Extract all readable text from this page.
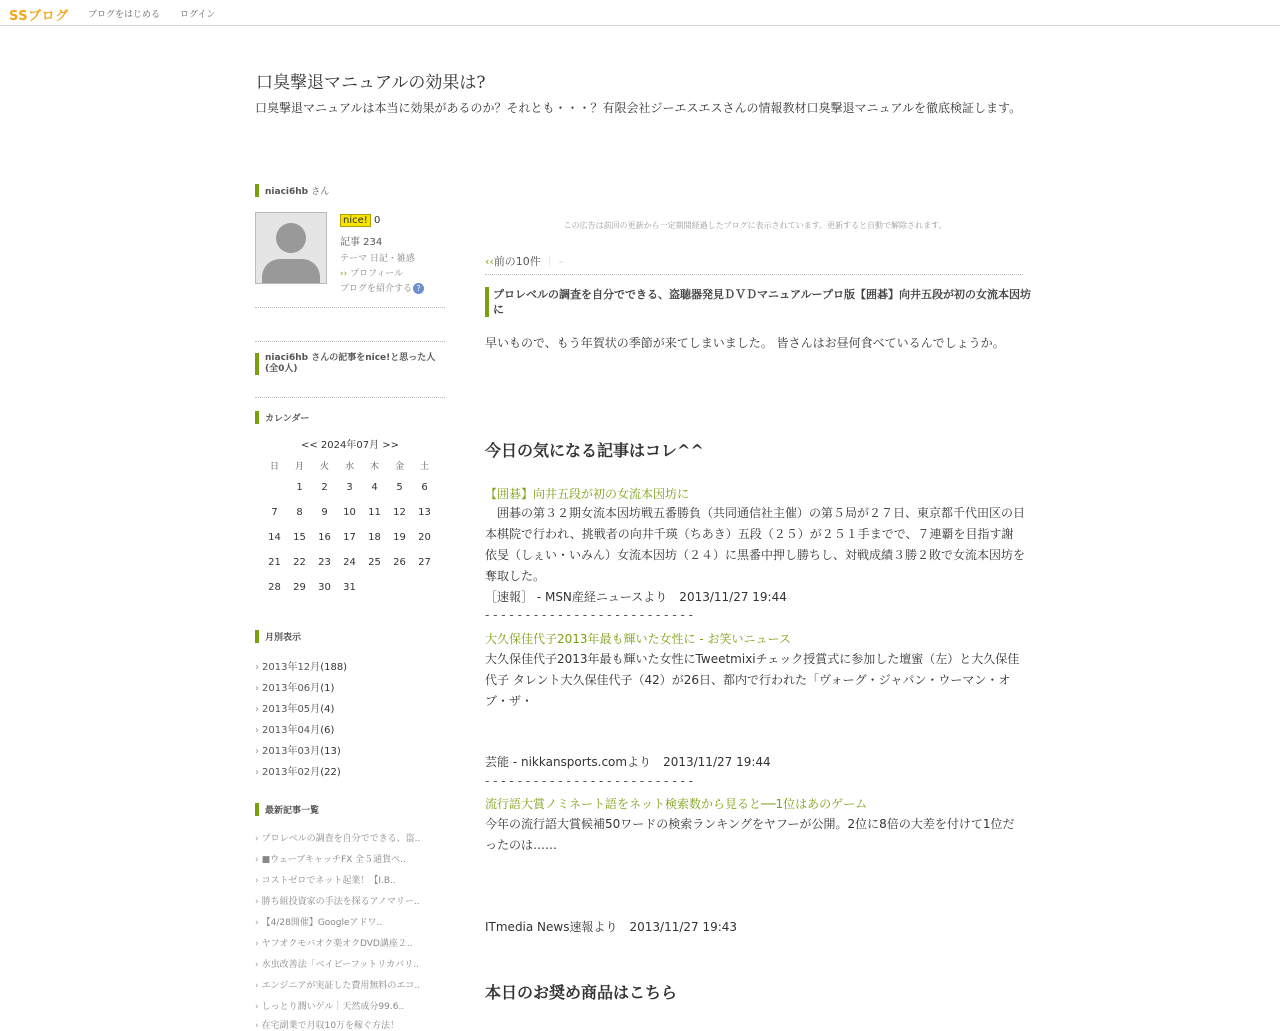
SSブログ ブログをはじめる ログイン
口臭撃退マニュアルの効果は?
口臭撃退マニュアルは本当に効果があるのか？それとも・・・？有限会社ジーエスエスさんの情報教材口臭撃退マニュアルを徹底検証します。
niaci6hb さん
nice! 0
記事 234
テーマ 日記・雑感
›› プロフィール
ブログを紹介する ?
niaci6hb さんの記事をnice!と思った人 (全0人)
カレンダー
<< 2024年07月 >>
日	月	火	水	木	金	土
	1	2	3	4	5	6
7	8	9	10	11	12	13
14	15	16	17	18	19	20
21	22	23	24	25	26	27
28	29	30	31			
月別表示
› 2013年12月(188)
› 2013年06月(1)
› 2013年05月(4)
› 2013年04月(6)
› 2013年03月(13)
› 2013年02月(22)
最新記事一覧
› プロレベルの調査を自分でできる、盗..
› ■ウェーブキャッチFX 全５通貨ペ..
› コストゼロでネット起業！【I.B..
› 勝ち組投資家の手法を探るアノマリー..
› 【4/28開催】Googleアドワ..
› ヤフオクモバオク楽オクDVD講座２..
› 水虫改善法「ベイビーフットリカバリ..
› エンジニアが実証した費用無料のエコ..
› しっとり潤いゲル｜天然成分99.6..
› 在宅副業で月収10万を稼ぐ方法！
この広告は前回の更新から一定期間経過したブログに表示されています。更新すると自動で解除されます。
‹‹前の10件 ｜ -
プロレベルの調査を自分でできる、盗聴器発見ＤＶＤマニュアループロ版【囲碁】向井五段が初の女流本因坊に
早いもので、もう年賀状の季節が来てしまいました。 皆さんはお昼何食べているんでしょうか。
今日の気になる記事はコレ^^
【囲碁】向井五段が初の女流本因坊に
　囲碁の第３２期女流本因坊戦五番勝負（共同通信社主催）の第５局が２７日、東京都千代田区の日本棋院で行われ、挑戦者の向井千瑛（ちあき）五段（２５）が２５１手までで、７連覇を目指す謝依旻（しぇい・いみん）女流本因坊（２４）に黒番中押し勝ちし、対戦成績３勝２敗で女流本因坊を奪取した。
［速報］ - MSN産経ニュースより　2013/11/27 19:44
- - - - - - - - - - - - - - - - - - - - - - - - - -
大久保佳代子2013年最も輝いた女性に - お笑いニュース
大久保佳代子2013年最も輝いた女性にTweetmixiチェック授賞式に参加した壇蜜（左）と大久保佳代子 タレント大久保佳代子（42）が26日、都内で行われた「ヴォーグ・ジャパン・ウーマン・オブ・ザ・
芸能 - nikkansports.comより　2013/11/27 19:44
- - - - - - - - - - - - - - - - - - - - - - - - - -
流行語大賞ノミネート語をネット検索数から見ると──1位はあのゲーム
今年の流行語大賞候補50ワードの検索ランキングをヤフーが公開。2位に8倍の大差を付けて1位だったのは……
ITmedia News速報より　2013/11/27 19:43
本日のお奨め商品はこちら
